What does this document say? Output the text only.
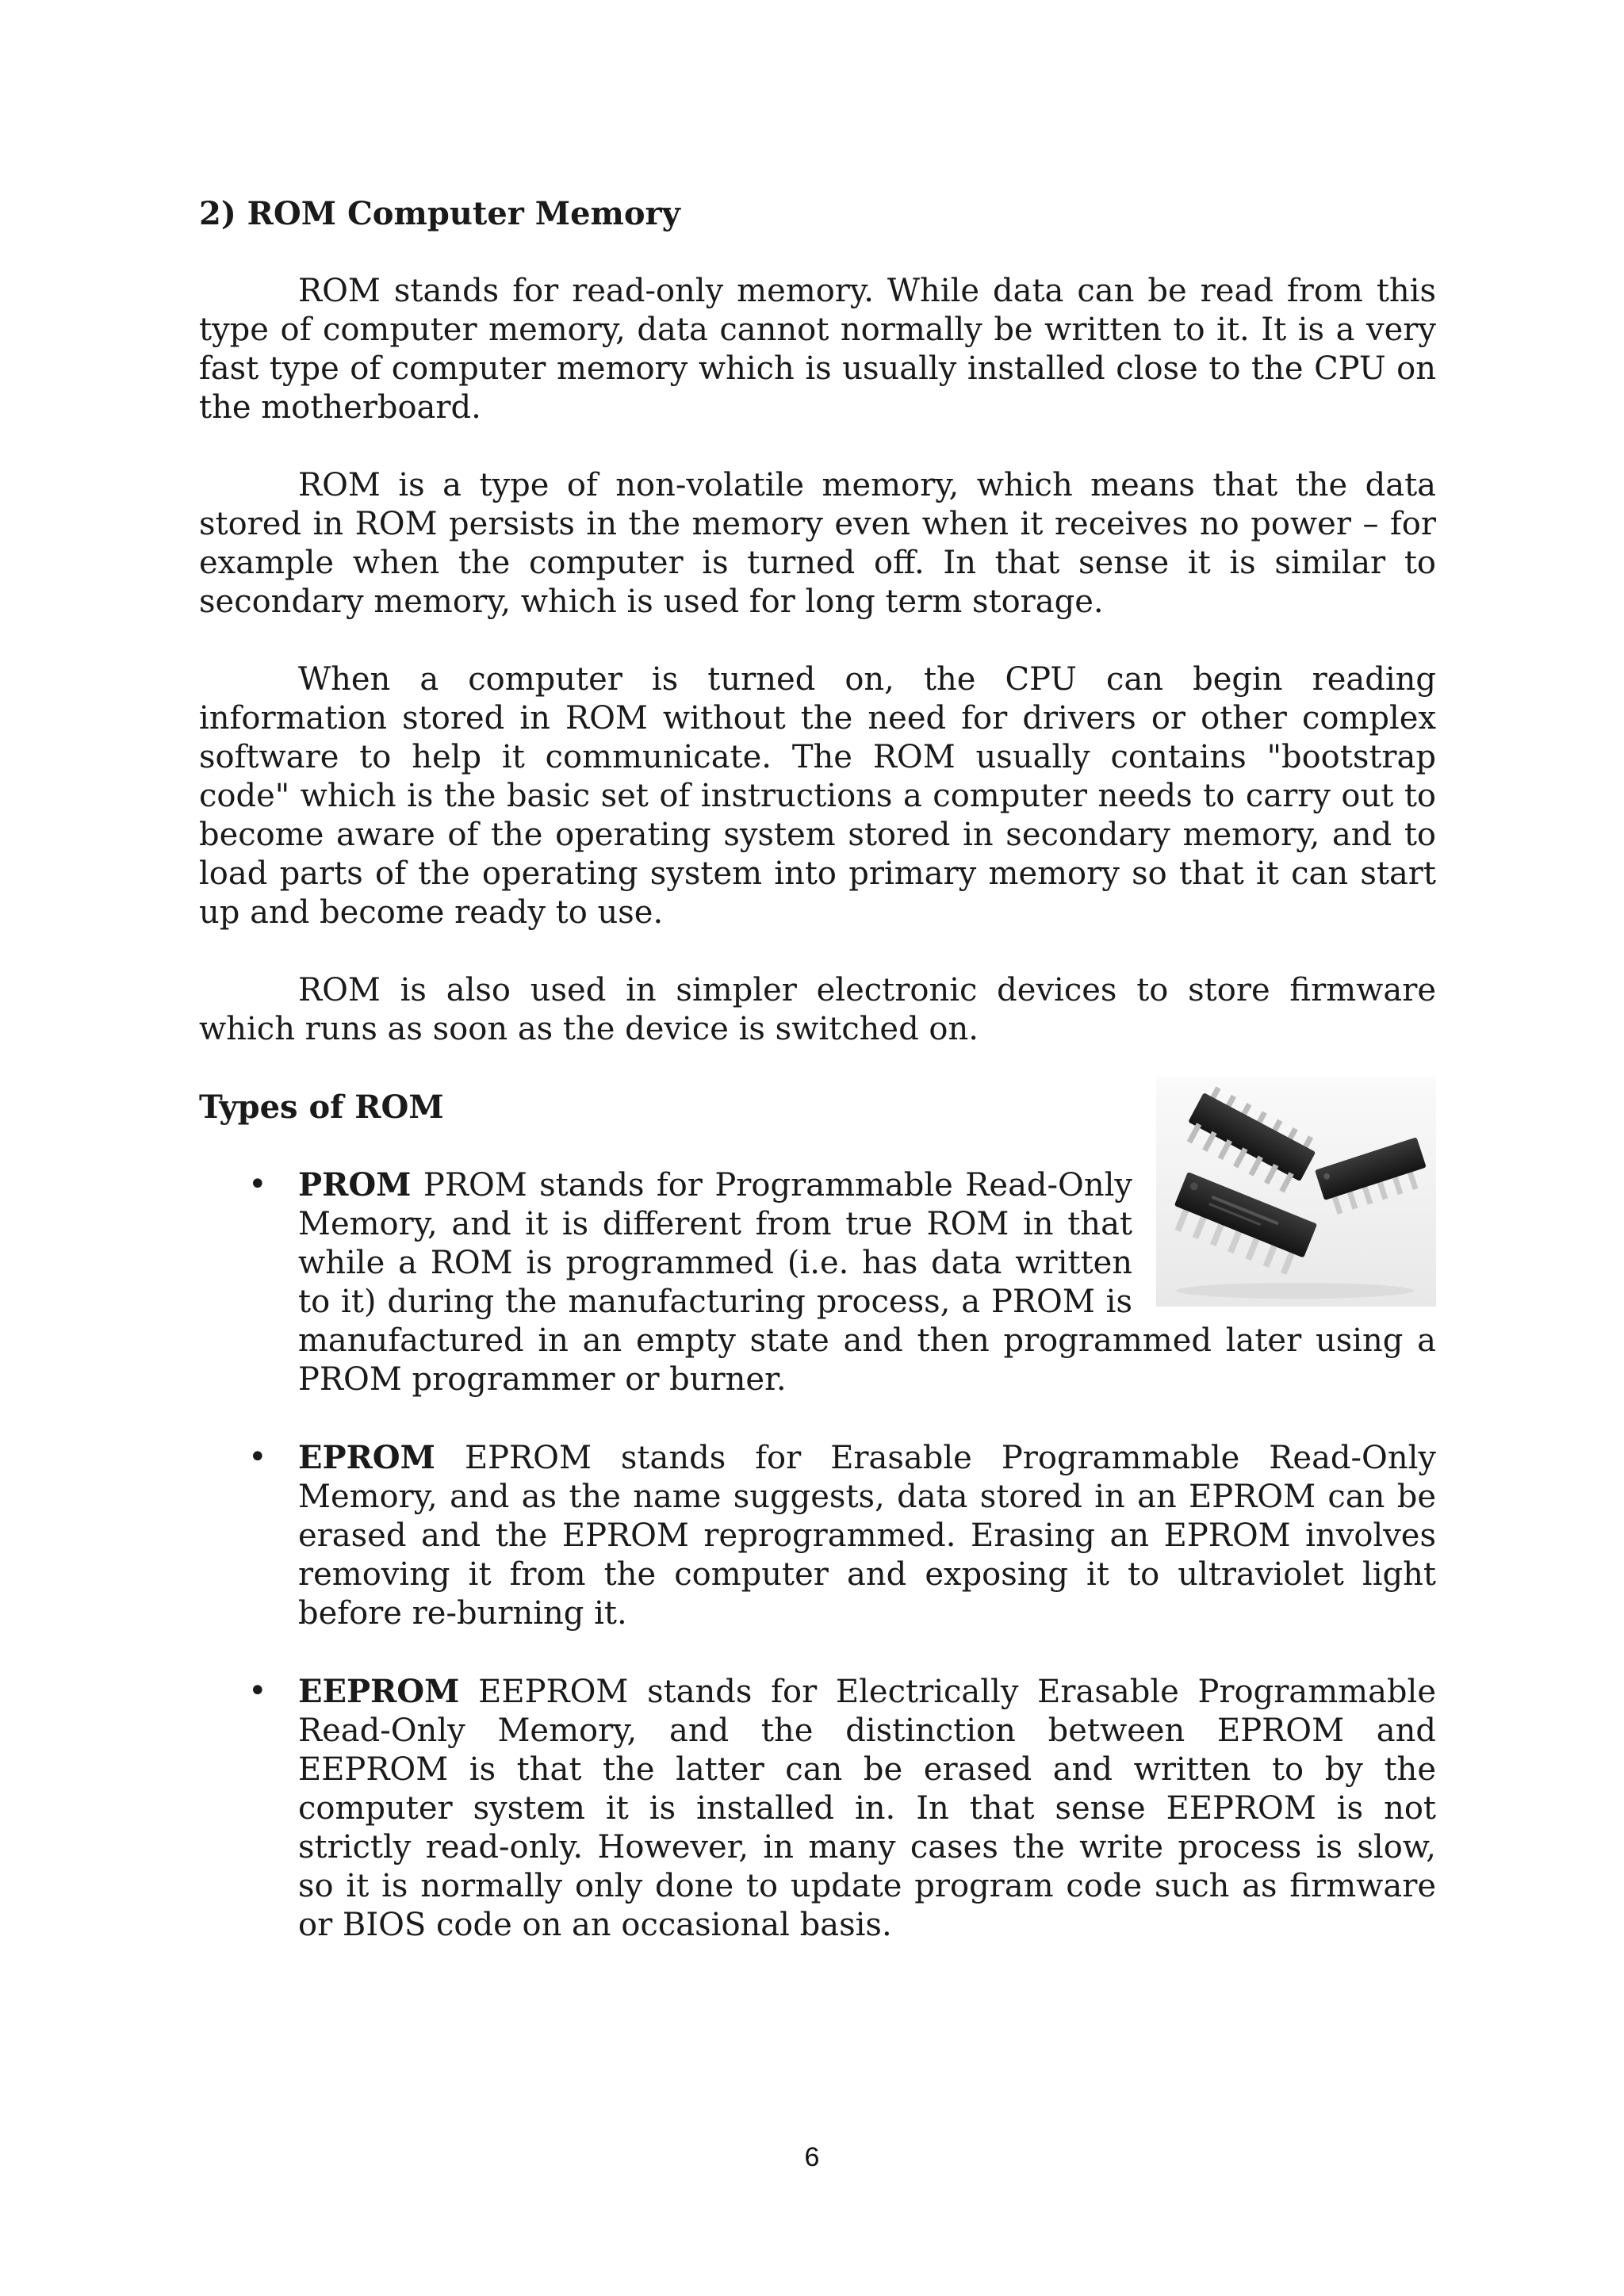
2) ROM Computer Memory

ROM stands for read-only memory. While data can be read from this type of computer memory, data cannot normally be written to it. It is a very fast type of computer memory which is usually installed close to the CPU on the motherboard.

ROM is a type of non-volatile memory, which means that the data stored in ROM persists in the memory even when it receives no power – for example when the computer is turned off. In that sense it is similar to secondary memory, which is used for long term storage.

When a computer is turned on, the CPU can begin reading information stored in ROM without the need for drivers or other complex software to help it communicate. The ROM usually contains "bootstrap code" which is the basic set of instructions a computer needs to carry out to become aware of the operating system stored in secondary memory, and to load parts of the operating system into primary memory so that it can start up and become ready to use.

ROM is also used in simpler electronic devices to store firmware which runs as soon as the device is switched on.

Types of ROM
• PROM PROM stands for Programmable Read-Only Memory, and it is different from true ROM in that while a ROM is programmed (i.e. has data written to it) during the manufacturing process, a PROM is manufactured in an empty state and then programmed later using a PROM programmer or burner.
• EPROM EPROM stands for Erasable Programmable Read-Only Memory, and as the name suggests, data stored in an EPROM can be erased and the EPROM reprogrammed. Erasing an EPROM involves removing it from the computer and exposing it to ultraviolet light before re-burning it.
• EEPROM EEPROM stands for Electrically Erasable Programmable Read-Only Memory, and the distinction between EPROM and EEPROM is that the latter can be erased and written to by the computer system it is installed in. In that sense EEPROM is not strictly read-only. However, in many cases the write process is slow, so it is normally only done to update program code such as firmware or BIOS code on an occasional basis.
6
